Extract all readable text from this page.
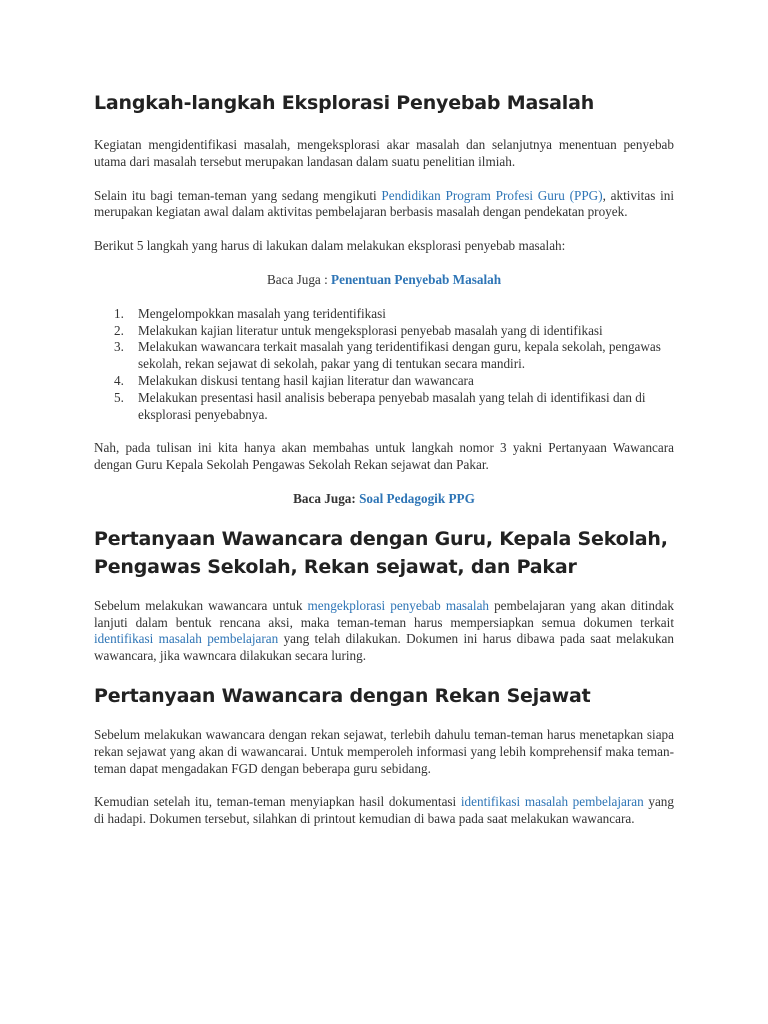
Langkah-langkah Eksplorasi Penyebab Masalah

Kegiatan mengidentifikasi masalah, mengeksplorasi akar masalah dan selanjutnya menentuan penyebab utama dari masalah tersebut merupakan landasan dalam suatu penelitian ilmiah.

Selain itu bagi teman-teman yang sedang mengikuti Pendidikan Program Profesi Guru (PPG), aktivitas ini merupakan kegiatan awal dalam aktivitas pembelajaran berbasis masalah dengan pendekatan proyek.

Berikut 5 langkah yang harus di lakukan dalam melakukan eksplorasi penyebab masalah:

Baca Juga : Penentuan Penyebab Masalah

1. Mengelompokkan masalah yang teridentifikasi
2. Melakukan kajian literatur untuk mengeksplorasi penyebab masalah yang di identifikasi
3. Melakukan wawancara terkait masalah yang teridentifikasi dengan guru, kepala sekolah, pengawas sekolah, rekan sejawat di sekolah, pakar yang di tentukan secara mandiri.
4. Melakukan diskusi tentang hasil kajian literatur dan wawancara
5. Melakukan presentasi hasil analisis beberapa penyebab masalah yang telah di identifikasi dan di eksplorasi penyebabnya.

Nah, pada tulisan ini kita hanya akan membahas untuk langkah nomor 3 yakni Pertanyaan Wawancara dengan Guru Kepala Sekolah Pengawas Sekolah Rekan sejawat dan Pakar.

Baca Juga: Soal Pedagogik PPG

Pertanyaan Wawancara dengan Guru, Kepala Sekolah, Pengawas Sekolah, Rekan sejawat, dan Pakar

Sebelum melakukan wawancara untuk mengekplorasi penyebab masalah pembelajaran yang akan ditindak lanjuti dalam bentuk rencana aksi, maka teman-teman harus mempersiapkan semua dokumen terkait identifikasi masalah pembelajaran yang telah dilakukan. Dokumen ini harus dibawa pada saat melakukan wawancara, jika wawncara dilakukan secara luring.

Pertanyaan Wawancara dengan Rekan Sejawat

Sebelum melakukan wawancara dengan rekan sejawat, terlebih dahulu teman-teman harus menetapkan siapa rekan sejawat yang akan di wawancarai. Untuk memperoleh informasi yang lebih komprehensif maka teman-teman dapat mengadakan FGD dengan beberapa guru sebidang.

Kemudian setelah itu, teman-teman menyiapkan hasil dokumentasi identifikasi masalah pembelajaran yang di hadapi. Dokumen tersebut, silahkan di printout kemudian di bawa pada saat melakukan wawancara.
